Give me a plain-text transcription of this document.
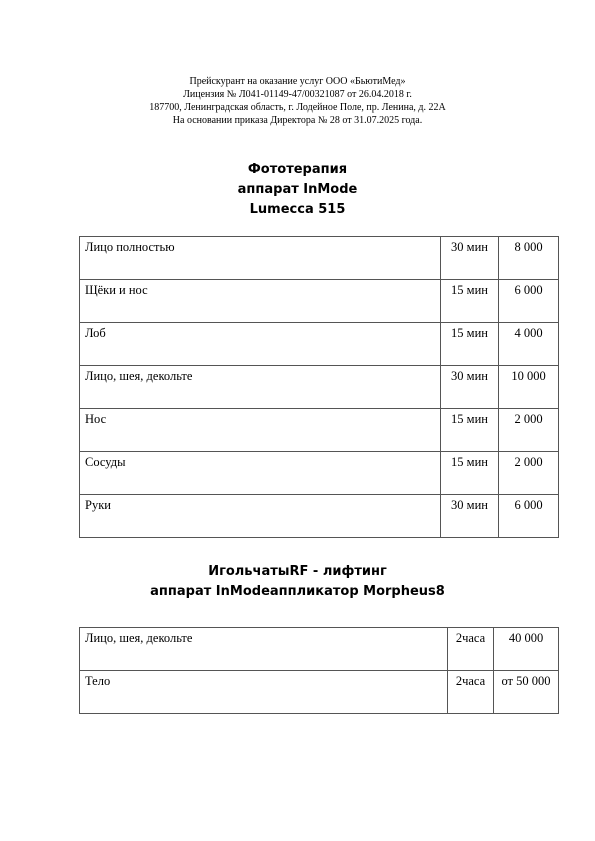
Прейскурант на оказание услуг ООО «БьютиМед»
Лицензия № Л041-01149-47/00321087 от 26.04.2018 г.
187700, Ленинградская область, г. Лодейное Поле, пр. Ленина, д. 22А
На основании приказа Директора № 28 от 31.07.2025 года.
Фототерапия
аппарат InMode
Lumecca 515
Лицо полностью	30 мин	8 000
Щёки и нос	15 мин	6 000
Лоб	15 мин	4 000
Лицо, шея, декольте	30 мин	10 000
Нос	15 мин	2 000
Сосуды	15 мин	2 000
Руки	30 мин	6 000
ИгольчатыRF - лифтинг
аппарат InModeаппликатор Morpheus8
Лицо, шея, декольте	2часа	40 000
Тело	2часа	от 50 000
